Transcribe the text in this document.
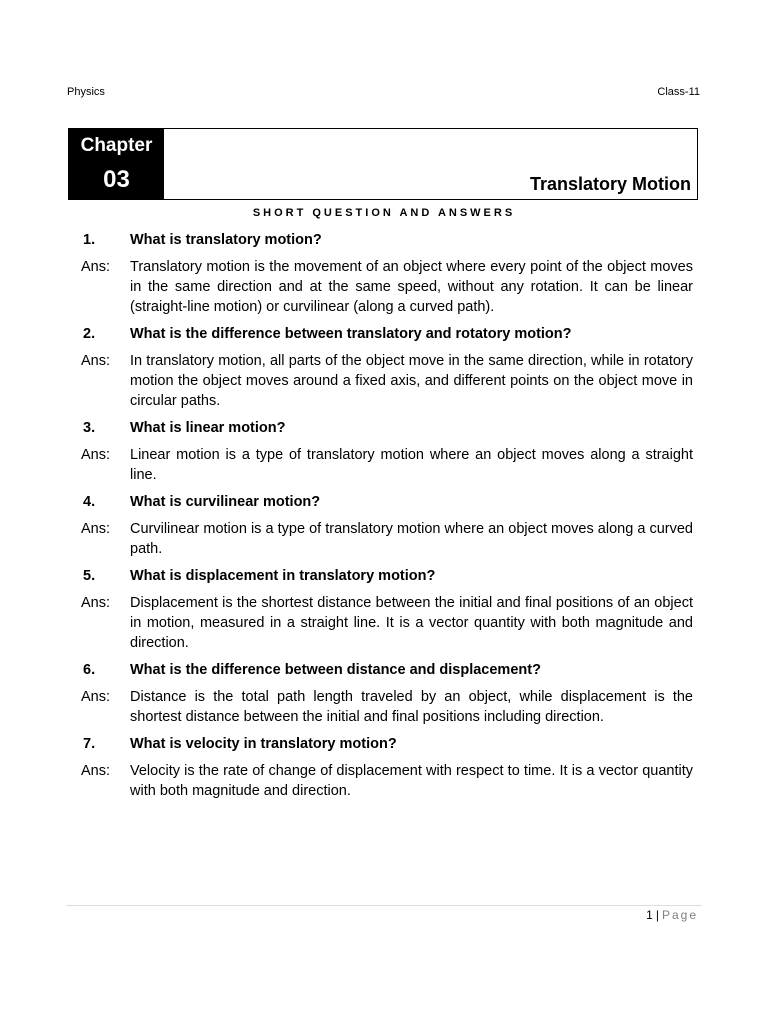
Physics	Class-11
Chapter
03	Translatory Motion
SHORT QUESTION AND ANSWERS
1.	What is translatory motion?
Ans:	Translatory motion is the movement of an object where every point of the object moves in the same direction and at the same speed, without any rotation. It can be linear (straight-line motion) or curvilinear (along a curved path).
2.	What is the difference between translatory and rotatory motion?
Ans:	In translatory motion, all parts of the object move in the same direction, while in rotatory motion the object moves around a fixed axis, and different points on the object move in circular paths.
3.	What is linear motion?
Ans:	Linear motion is a type of translatory motion where an object moves along a straight line.
4.	What is curvilinear motion?
Ans:	Curvilinear motion is a type of translatory motion where an object moves along a curved path.
5.	What is displacement in translatory motion?
Ans:	Displacement is the shortest distance between the initial and final positions of an object in motion, measured in a straight line. It is a vector quantity with both magnitude and direction.
6.	What is the difference between distance and displacement?
Ans:	Distance is the total path length traveled by an object, while displacement is the shortest distance between the initial and final positions including direction.
7.	What is velocity in translatory motion?
Ans:	Velocity is the rate of change of displacement with respect to time. It is a vector quantity with both magnitude and direction.
1 | Page
